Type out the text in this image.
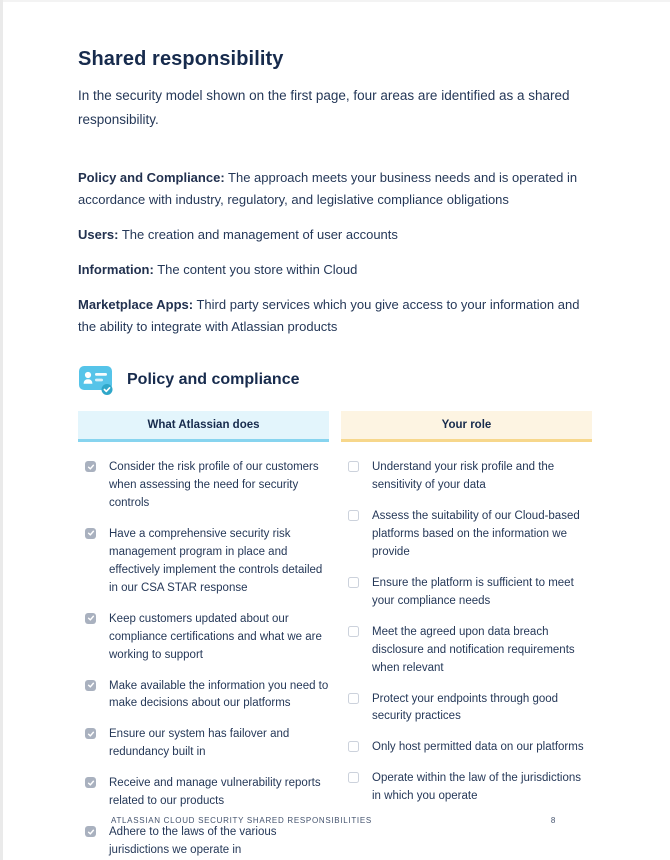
Shared responsibility

In the security model shown on the first page, four areas are identified as a shared responsibility.

Policy and Compliance: The approach meets your business needs and is operated in accordance with industry, regulatory, and legislative compliance obligations

Users: The creation and management of user accounts

Information: The content you store within Cloud

Marketplace Apps: Third party services which you give access to your information and the ability to integrate with Atlassian products

Policy and compliance
What Atlassian does
Consider the risk profile of our customers when assessing the need for security controls
Have a comprehensive security risk management program in place and effectively implement the controls detailed in our CSA STAR response
Keep customers updated about our compliance certifications and what we are working to support
Make available the information you need to make decisions about our platforms
Ensure our system has failover and redundancy built in
Receive and manage vulnerability reports related to our products
Adhere to the laws of the various jurisdictions we operate in
Your role
Understand your risk profile and the sensitivity of your data
Assess the suitability of our Cloud-based platforms based on the information we provide
Ensure the platform is sufficient to meet your compliance needs
Meet the agreed upon data breach disclosure and notification requirements when relevant
Protect your endpoints through good security practices
Only host permitted data on our platforms
Operate within the law of the jurisdictions in which you operate
ATLASSIAN CLOUD SECURITY SHARED RESPONSIBILITIES	8
